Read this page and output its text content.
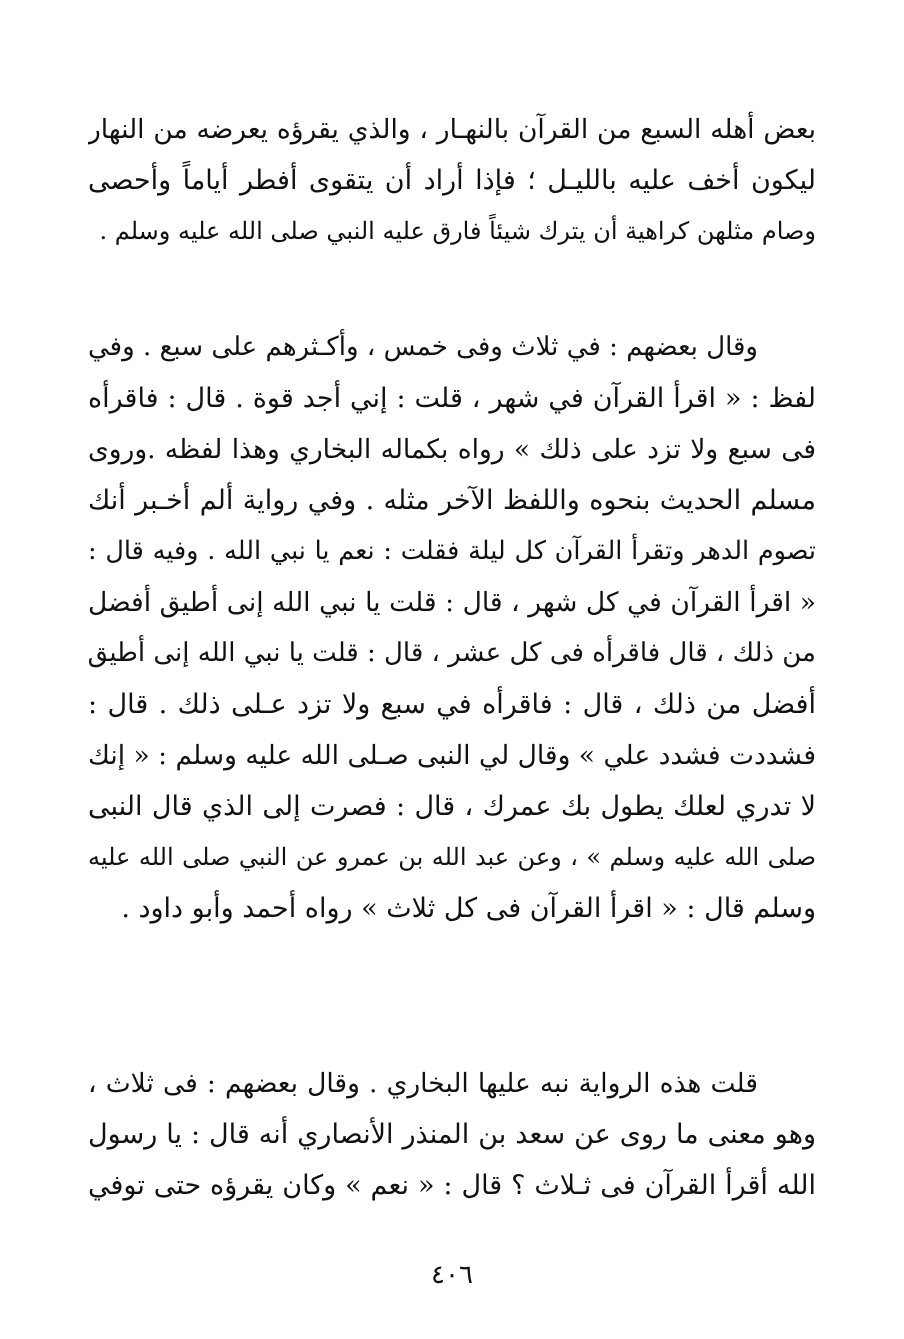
بعض أهله السبع من القرآن بالنهـار ، والذي يقرؤه يعرضه من النهار
ليكون أخف عليه بالليـل ؛ فإذا أراد أن يتقوى أفطر أياماً وأحصى
وصام مثلهن كراهية أن يترك شيئاً فارق عليه النبي صلى الله عليه وسلم .
وقال بعضهم : في ثلاث وفى خمس ، وأكـثرهم على سبع . وفي
لفظ : « اقرأ القرآن في شهر ، قلت : إني أجد قوة . قال : فاقرأه
فى سبع ولا تزد على ذلك » رواه بكماله البخاري وهذا لفظه .وروى
مسلم الحديث بنحوه واللفظ الآخر مثله . وفي رواية ألم أخـبر أنك
تصوم الدهر وتقرأ القرآن كل ليلة فقلت : نعم يا نبي الله . وفيه قال :
« اقرأ القرآن في كل شهر ، قال : قلت يا نبي الله إنى أطيق أفضل
من ذلك ، قال فاقرأه فى كل عشر ، قال : قلت يا نبي الله إنى أطيق
أفضل من ذلك ، قال : فاقرأه في سبع ولا تزد عـلى ذلك . قال :
فشددت فشدد علي » وقال لي النبى صـلى الله عليه وسلم : « إنك
لا تدري لعلك يطول بك عمرك ، قال : فصرت إلى الذي قال النبى
صلى الله عليه وسلم » ، وعن عبد الله بن عمرو عن النبي صلى الله عليه
وسلم قال : « اقرأ القرآن فى كل ثلاث » رواه أحمد وأبو داود .
قلت هذه الرواية نبه عليها البخاري . وقال بعضهم : فى ثلاث ،
وهو معنى ما روى عن سعد بن المنذر الأنصاري أنه قال : يا رسول
الله أقرأ القرآن فى ثـلاث ؟ قال : « نعم » وكان يقرؤه حتى توفي
٤٠٦
